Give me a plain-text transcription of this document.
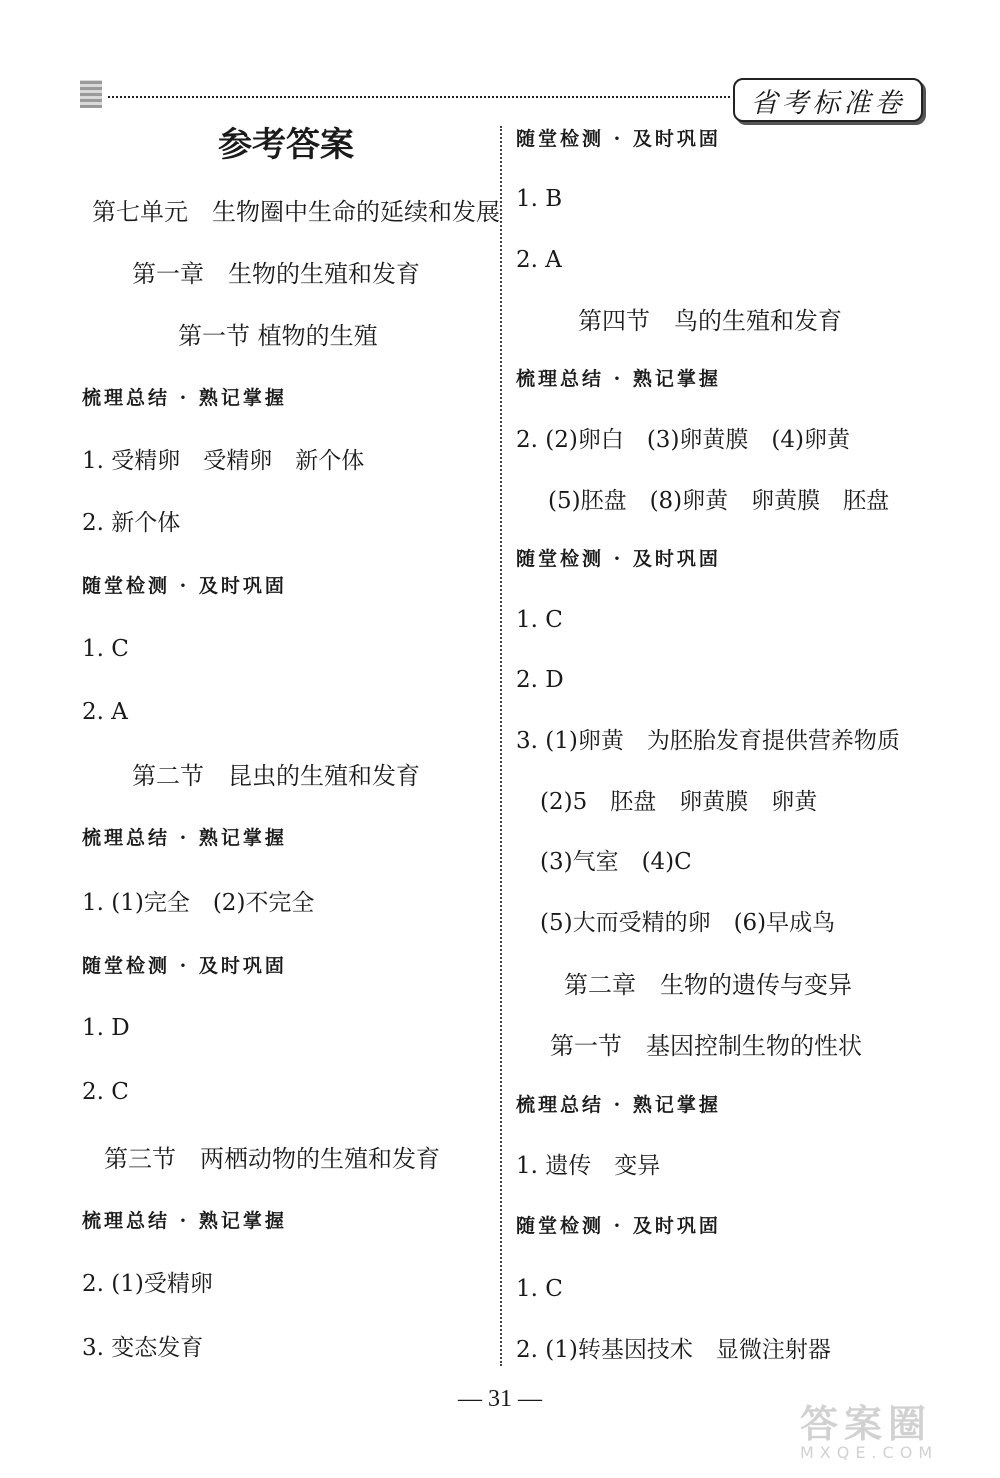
省考标准卷
参考答案
第七单元　生物圈中生命的延续和发展
第一章　生物的生殖和发育
第一节 植物的生殖
梳理总结 · 熟记掌握
1. 受精卵　受精卵　新个体
2. 新个体
随堂检测 · 及时巩固
1. C
2. A
第二节　昆虫的生殖和发育
梳理总结 · 熟记掌握
1. (1)完全　(2)不完全
随堂检测 · 及时巩固
1. D
2. C
第三节　两栖动物的生殖和发育
梳理总结 · 熟记掌握
2. (1)受精卵
3. 变态发育
随堂检测 · 及时巩固
1. B
2. A
第四节　鸟的生殖和发育
梳理总结 · 熟记掌握
2. (2)卵白　(3)卵黄膜　(4)卵黄
(5)胚盘　(8)卵黄　卵黄膜　胚盘
随堂检测 · 及时巩固
1. C
2. D
3. (1)卵黄　为胚胎发育提供营养物质
(2)5　胚盘　卵黄膜　卵黄
(3)气室　(4)C
(5)大而受精的卵　(6)早成鸟
第二章　生物的遗传与变异
第一节　基因控制生物的性状
梳理总结 · 熟记掌握
1. 遗传　变异
随堂检测 · 及时巩固
1. C
2. (1)转基因技术　显微注射器
— 31 —
答案圈
MXQE.COM
